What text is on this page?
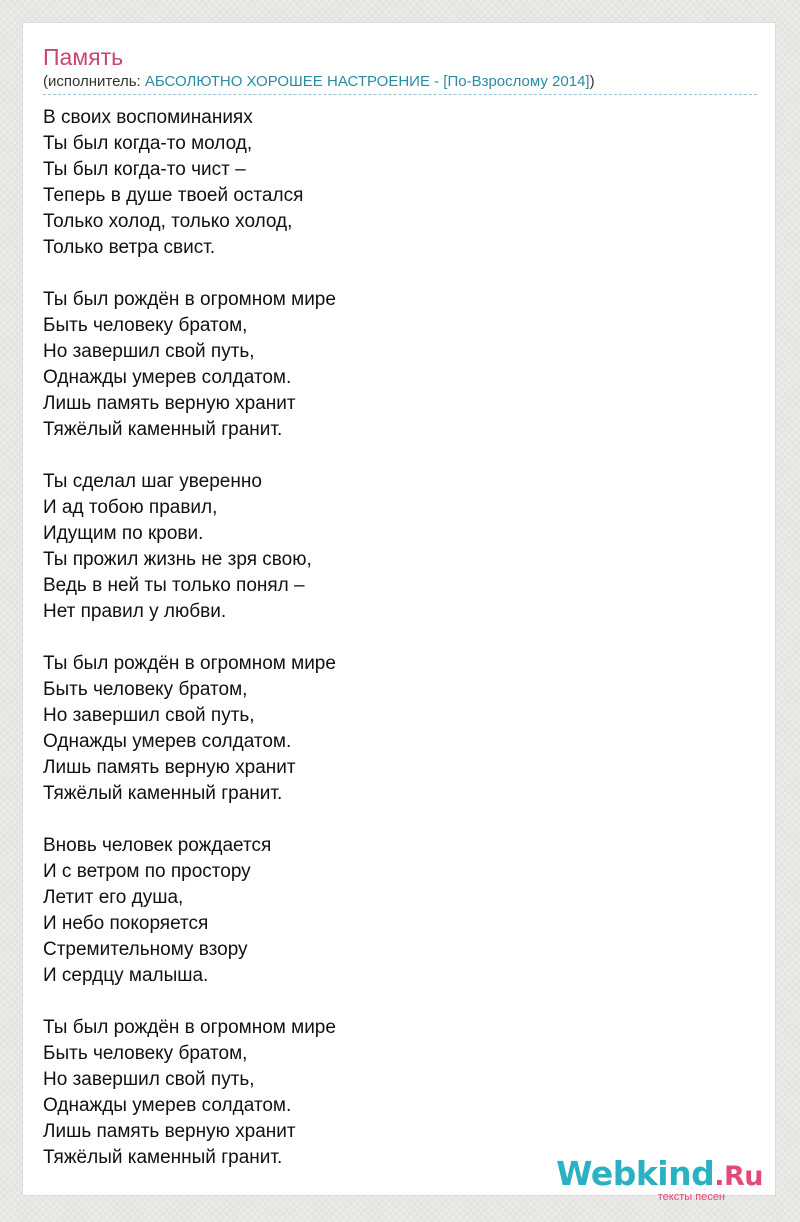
Память
(исполнитель: АБСОЛЮТНО ХОРОШЕЕ НАСТРОЕНИЕ - [По-Взрослому 2014])
В своих воспоминаниях
Ты был когда-то молод,
Ты был когда-то чист –
Теперь в душе твоей остался
Только холод, только холод,
Только ветра свист.
Ты был рождён в огромном мире
Быть человеку братом,
Но завершил свой путь,
Однажды умерев солдатом.
Лишь память верную хранит
Тяжёлый каменный гранит.
Ты сделал шаг уверенно
И ад тобою правил,
Идущим по крови.
Ты прожил жизнь не зря свою,
Ведь в ней ты только понял –
Нет правил у любви.
Ты был рождён в огромном мире
Быть человеку братом,
Но завершил свой путь,
Однажды умерев солдатом.
Лишь память верную хранит
Тяжёлый каменный гранит.
Вновь человек рождается
И с ветром по простору
Летит его душа,
И небо покоряется
Стремительному взору
И сердцу малыша.
Ты был рождён в огромном мире
Быть человеку братом,
Но завершил свой путь,
Однажды умерев солдатом.
Лишь память верную хранит
Тяжёлый каменный гранит.	Webkind.Ru
тексты песен
